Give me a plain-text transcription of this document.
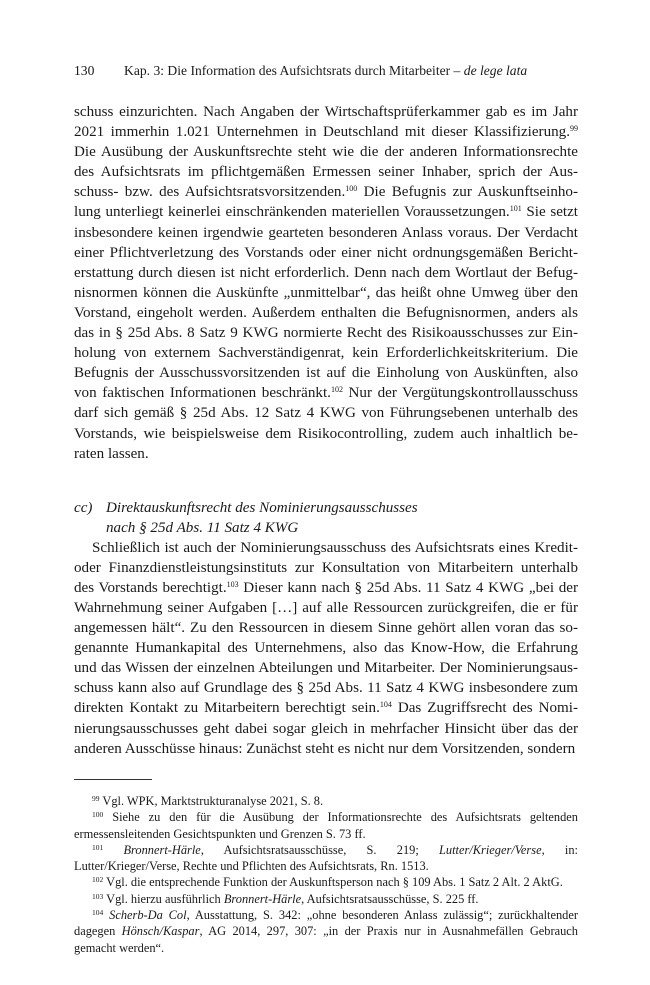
130 Kap. 3: Die Information des Aufsichtsrats durch Mitarbeiter – de lege lata

schuss einzurichten. Nach Angaben der Wirtschaftsprüferkammer gab es im Jahr 2021 immerhin 1.021 Unternehmen in Deutschland mit dieser Klassifizierung.$^{99}$ Die Ausübung der Auskunftsrechte steht wie die der anderen Informationsrechte des Aufsichtsrats im pflichtgemäßen Ermessen seiner Inhaber, sprich der Aus-schuss- bzw. des Aufsichtsratsvorsitzenden.$^{100}$ Die Befugnis zur Auskunftseinho-lung unterliegt keinerlei einschränkenden materiellen Voraussetzungen.$^{101}$ Sie setzt insbesondere keinen irgendwie gearteten besonderen Anlass voraus. Der Verdacht einer Pflichtverletzung des Vorstands oder einer nicht ordnungsgemäßen Bericht-erstattung durch diesen ist nicht erforderlich. Denn nach dem Wortlaut der Befug-nisnormen können die Auskünfte „unmittelbar“, das heißt ohne Umweg über den Vorstand, eingeholt werden. Außerdem enthalten die Befugnisnormen, anders als das in § 25d Abs. 8 Satz 9 KWG normierte Recht des Risikoausschusses zur Ein-holung von externem Sachverständigenrat, kein Erforderlichkeitskriterium. Die Befugnis der Ausschussvorsitzenden ist auf die Einholung von Auskünften, also von faktischen Informationen beschränkt.$^{102}$ Nur der Vergütungskontrollausschuss darf sich gemäß § 25d Abs. 12 Satz 4 KWG von Führungsebenen unterhalb des Vorstands, wie beispielsweise dem Risikocontrolling, zudem auch inhaltlich be-raten lassen.

cc) Direktauskunftsrecht des Nominierungsausschusses
nach § 25d Abs. 11 Satz 4 KWG

Schließlich ist auch der Nominierungsausschuss des Aufsichtsrats eines Kredit-oder Finanzdienstleistungsinstituts zur Konsultation von Mitarbeitern unterhalb des Vorstands berechtigt.$^{103}$ Dieser kann nach § 25d Abs. 11 Satz 4 KWG „bei der Wahrnehmung seiner Aufgaben […] auf alle Ressourcen zurückgreifen, die er für angemessen hält“. Zu den Ressourcen in diesem Sinne gehört allen voran das so-genannte Humankapital des Unternehmens, also das Know-How, die Erfahrung und das Wissen der einzelnen Abteilungen und Mitarbeiter. Der Nominierungsaus-schuss kann also auf Grundlage des § 25d Abs. 11 Satz 4 KWG insbesondere zum direkten Kontakt zu Mitarbeitern berechtigt sein.$^{104}$ Das Zugriffsrecht des Nomi-nierungsausschusses geht dabei sogar gleich in mehrfacher Hinsicht über das der anderen Ausschüsse hinaus: Zunächst steht es nicht nur dem Vorsitzenden, sondern

$^{99}$ Vgl. WPK, Marktstrukturanalyse 2021, S. 8.

$^{100}$ Siehe zu den für die Ausübung der Informationsrechte des Aufsichtsrats geltenden ermessensleitenden Gesichtspunkten und Grenzen S. 73 ff.

$^{101}$ Bronnert-Härle, Aufsichtsratsausschüsse, S. 219; Lutter/Krieger/Verse, in: Lutter/Krieger/Verse, Rechte und Pflichten des Aufsichtsrats, Rn. 1513.

$^{102}$ Vgl. die entsprechende Funktion der Auskunftsperson nach § 109 Abs. 1 Satz 2 Alt. 2 AktG.

$^{103}$ Vgl. hierzu ausführlich Bronnert-Härle, Aufsichtsratsausschüsse, S. 225 ff.

$^{104}$ Scherb-Da Col, Ausstattung, S. 342: „ohne besonderen Anlass zulässig“; zurückhaltender dagegen Hönsch/Kaspar, AG 2014, 297, 307: „in der Praxis nur in Ausnahmefällen Gebrauch gemacht werden“.
